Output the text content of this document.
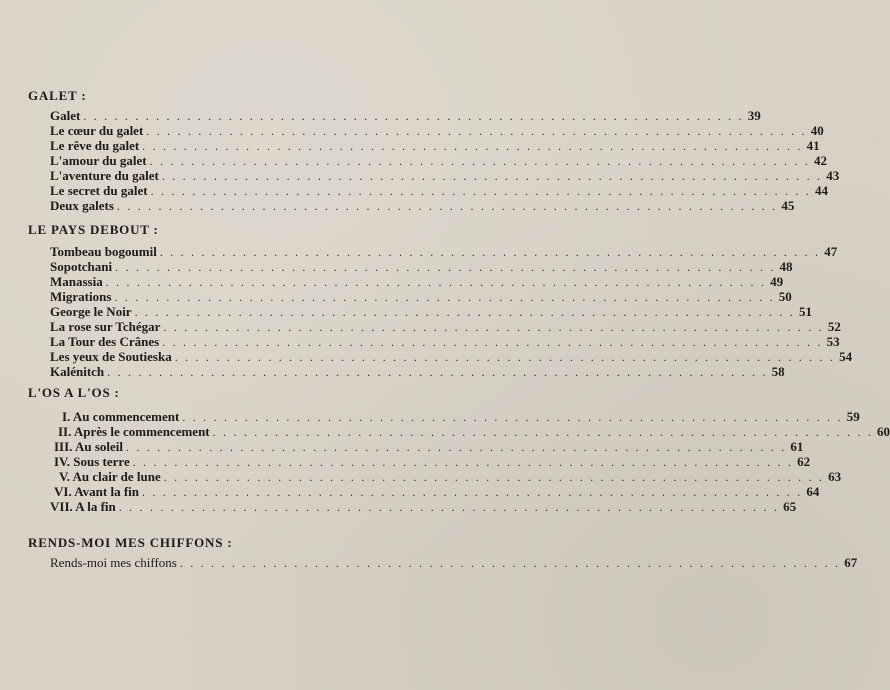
GALET :
Galet . . . . . . . . . . . . . . . . . . . . . . . . . . . . . . . . . . . . . . . . . . . . . . . . . . . . . . . . . . . . . . . . 39
Le cœur du galet . . . . . . . . . . . . . . . . . . . . . . . . . . . . . . . . . . . . . . . . . . . . . . . . . . . . . . . . . . . . . . . . 40
Le rêve du galet . . . . . . . . . . . . . . . . . . . . . . . . . . . . . . . . . . . . . . . . . . . . . . . . . . . . . . . . . . . . . . . . 41
L'amour du galet . . . . . . . . . . . . . . . . . . . . . . . . . . . . . . . . . . . . . . . . . . . . . . . . . . . . . . . . . . . . . . . . 42
L'aventure du galet . . . . . . . . . . . . . . . . . . . . . . . . . . . . . . . . . . . . . . . . . . . . . . . . . . . . . . . . . . . . . . . . 43
Le secret du galet . . . . . . . . . . . . . . . . . . . . . . . . . . . . . . . . . . . . . . . . . . . . . . . . . . . . . . . . . . . . . . . . 44
Deux galets . . . . . . . . . . . . . . . . . . . . . . . . . . . . . . . . . . . . . . . . . . . . . . . . . . . . . . . . . . . . . . . . 45
LE PAYS DEBOUT :
Tombeau bogoumil . . . . . . . . . . . . . . . . . . . . . . . . . . . . . . . . . . . . . . . . . . . . . . . . . . . . . . . . . . . . . . . . 47
Sopotchani . . . . . . . . . . . . . . . . . . . . . . . . . . . . . . . . . . . . . . . . . . . . . . . . . . . . . . . . . . . . . . . . 48
Manassia . . . . . . . . . . . . . . . . . . . . . . . . . . . . . . . . . . . . . . . . . . . . . . . . . . . . . . . . . . . . . . . . 49
Migrations . . . . . . . . . . . . . . . . . . . . . . . . . . . . . . . . . . . . . . . . . . . . . . . . . . . . . . . . . . . . . . . . 50
George le Noir . . . . . . . . . . . . . . . . . . . . . . . . . . . . . . . . . . . . . . . . . . . . . . . . . . . . . . . . . . . . . . . . 51
La rose sur Tchégar . . . . . . . . . . . . . . . . . . . . . . . . . . . . . . . . . . . . . . . . . . . . . . . . . . . . . . . . . . . . . . . . 52
La Tour des Crânes . . . . . . . . . . . . . . . . . . . . . . . . . . . . . . . . . . . . . . . . . . . . . . . . . . . . . . . . . . . . . . . . 53
Les yeux de Soutieska . . . . . . . . . . . . . . . . . . . . . . . . . . . . . . . . . . . . . . . . . . . . . . . . . . . . . . . . . . . . . . . . 54
Kalénitch . . . . . . . . . . . . . . . . . . . . . . . . . . . . . . . . . . . . . . . . . . . . . . . . . . . . . . . . . . . . . . . . 58
L'OS A L'OS :
I. Au commencement . . . . . . . . . . . . . . . . . . . . . . . . . . . . . . . . . . . . . . . . . . . . . . . . . . . . . . . . . . . . . . . . 59
II. Après le commencement . . . . . . . . . . . . . . . . . . . . . . . . . . . . . . . . . . . . . . . . . . . . . . . . . . . . . . . . . . . . . . . . 60
III. Au soleil . . . . . . . . . . . . . . . . . . . . . . . . . . . . . . . . . . . . . . . . . . . . . . . . . . . . . . . . . . . . . . . . 61
IV. Sous terre . . . . . . . . . . . . . . . . . . . . . . . . . . . . . . . . . . . . . . . . . . . . . . . . . . . . . . . . . . . . . . . . 62
V. Au clair de lune . . . . . . . . . . . . . . . . . . . . . . . . . . . . . . . . . . . . . . . . . . . . . . . . . . . . . . . . . . . . . . . . 63
VI. Avant la fin . . . . . . . . . . . . . . . . . . . . . . . . . . . . . . . . . . . . . . . . . . . . . . . . . . . . . . . . . . . . . . . . 64
VII. A la fin . . . . . . . . . . . . . . . . . . . . . . . . . . . . . . . . . . . . . . . . . . . . . . . . . . . . . . . . . . . . . . . . 65
RENDS-MOI MES CHIFFONS :
Rends-moi mes chiffons . . . . . . . . . . . . . . . . . . . . . . . . . . . . . . . . . . . . . . . . . . . . . . . . . . . . . . . . . . . . . . . . 67
